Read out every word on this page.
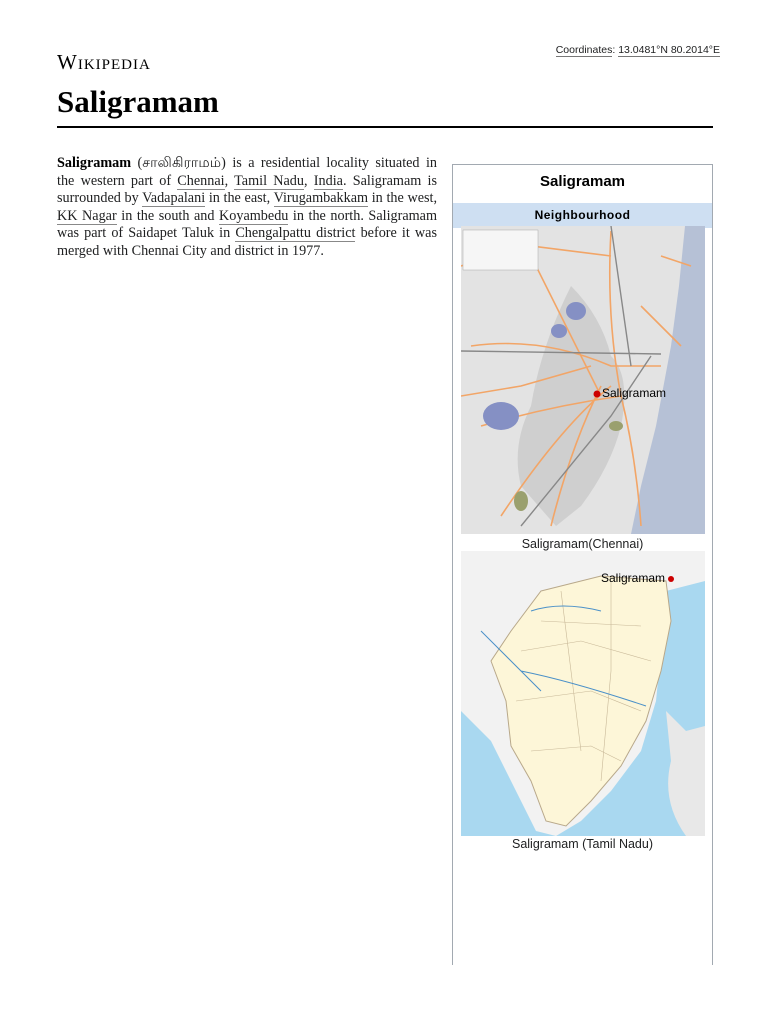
Wikipedia	Coordinates: 13.0481°N 80.2014°E
Saligramam
Saligramam (சாலிகிராமம்) is a residential locality situated in the western part of Chennai, Tamil Nadu, India. Saligramam is surrounded by Vadapalani in the east, Virugambakkam in the west, KK Nagar in the south and Koyambedu in the north. Saligramam was part of Saidapet Taluk in Chengalpattu district before it was merged with Chennai City and district in 1977.
Saligramam
Neighbourhood
Saligramam
Saligramam(Chennai)
Saligramam
Saligramam (Tamil Nadu)
